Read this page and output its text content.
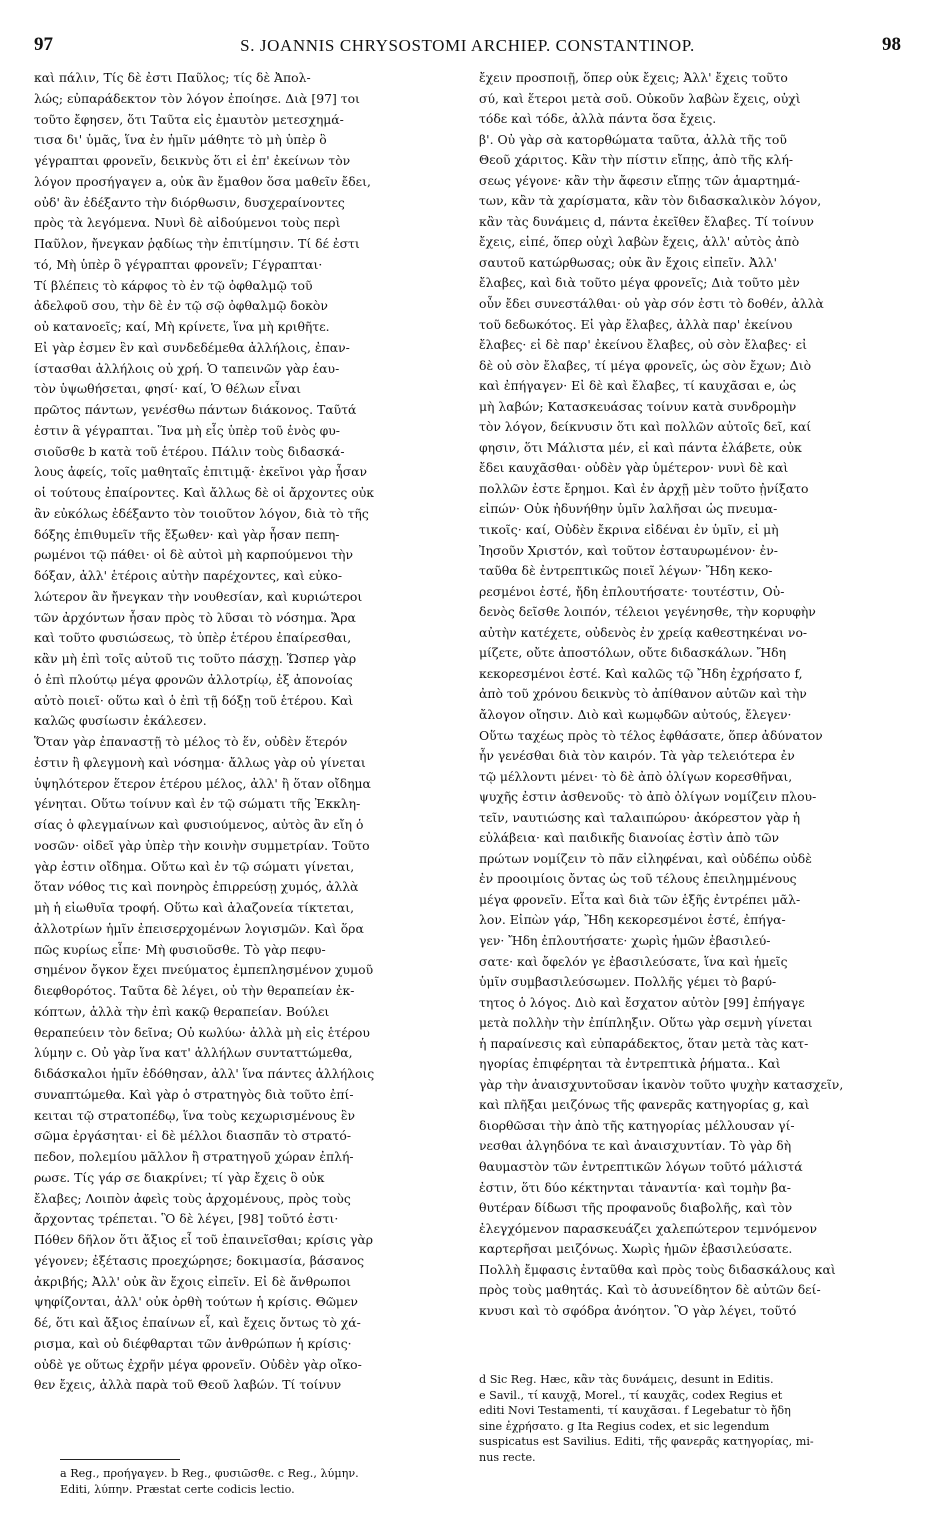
97	S. JOANNIS CHRYSOSTOMI ARCHIEP. CONSTANTINOP.	98
καὶ πάλιν, Τίς δὲ ἐστι Παῦλος; τίς δὲ Ἀπολ-
λώς; εὐπαράδεκτον τὸν λόγον ἐποίησε. Διὰ [97] τοι
τοῦτο ἔφησεν, ὅτι Ταῦτα εἰς ἐμαυτὸν μετεσχημά-
τισα δι' ὑμᾶς, ἵνα ἐν ἡμῖν μάθητε τὸ μὴ ὑπὲρ ὃ
γέγραπται φρονεῖν, δεικνὺς ὅτι εἰ ἐπ' ἐκείνων τὸν
λόγον προσήγαγεν a, οὐκ ἂν ἔμαθον ὅσα μαθεῖν ἔδει,
οὐδ' ἂν ἐδέξαντο τὴν διόρθωσιν, δυσχεραίνοντες
πρὸς τὰ λεγόμενα. Νυνὶ δὲ αἰδούμενοι τοὺς περὶ
Παῦλον, ἤνεγκαν ῥᾳδίως τὴν ἐπιτίμησιν. Τί δέ ἐστι
τό, Μὴ ὑπὲρ ὃ γέγραπται φρονεῖν; Γέγραπται·
Τί βλέπεις τὸ κάρφος τὸ ἐν τῷ ὀφθαλμῷ τοῦ
ἀδελφοῦ σου, τὴν δὲ ἐν τῷ σῷ ὀφθαλμῷ δοκὸν
οὐ κατανοεῖς; καί, Μὴ κρίνετε, ἵνα μὴ κριθῆτε.
Εἰ γὰρ ἐσμεν ἓν καὶ συνδεδέμεθα ἀλλήλοις, ἐπαν-
ίστασθαι ἀλλήλοις οὐ χρή. Ὁ ταπεινῶν γὰρ ἑαυ-
τὸν ὑψωθήσεται, φησί· καί, Ὁ θέλων εἶναι
πρῶτος πάντων, γενέσθω πάντων διάκονος. Ταῦτά
ἐστιν ἃ γέγραπται. Ἵνα μὴ εἷς ὑπὲρ τοῦ ἑνὸς φυ-
σιοῦσθε b κατὰ τοῦ ἑτέρου. Πάλιν τοὺς διδασκά-
λους ἀφείς, τοῖς μαθηταῖς ἐπιτιμᾷ· ἐκεῖνοι γὰρ ἦσαν
οἱ τούτους ἐπαίροντες. Καὶ ἄλλως δὲ οἱ ἄρχοντες οὐκ
ἂν εὐκόλως ἐδέξαντο τὸν τοιοῦτον λόγον, διὰ τὸ τῆς
δόξης ἐπιθυμεῖν τῆς ἔξωθεν· καὶ γὰρ ἦσαν πεπη-
ρωμένοι τῷ πάθει· οἱ δὲ αὐτοὶ μὴ καρπούμενοι τὴν
δόξαν, ἀλλ' ἑτέροις αὐτὴν παρέχοντες, καὶ εὐκο-
λώτερον ἂν ἤνεγκαν τὴν νουθεσίαν, καὶ κυριώτεροι
τῶν ἀρχόντων ἦσαν πρὸς τὸ λῦσαι τὸ νόσημα. Ἄρα
καὶ τοῦτο φυσιώσεως, τὸ ὑπὲρ ἑτέρου ἐπαίρεσθαι,
κἂν μὴ ἐπὶ τοῖς αὐτοῦ τις τοῦτο πάσχῃ. Ὥσπερ γὰρ
ὁ ἐπὶ πλούτῳ μέγα φρονῶν ἀλλοτρίῳ, ἐξ ἀπονοίας
αὐτὸ ποιεῖ· οὕτω καὶ ὁ ἐπὶ τῇ δόξῃ τοῦ ἑτέρου. Καὶ
καλῶς φυσίωσιν ἐκάλεσεν.
Ὅταν γὰρ ἐπαναστῇ τὸ μέλος τὸ ἕν, οὐδὲν ἕτερόν
ἐστιν ἢ φλεγμονὴ καὶ νόσημα· ἄλλως γὰρ οὐ γίνεται
ὑψηλότερον ἕτερον ἑτέρου μέλος, ἀλλ' ἢ ὅταν οἴδημα
γένηται. Οὕτω τοίνυν καὶ ἐν τῷ σώματι τῆς Ἐκκλη-
σίας ὁ φλεγμαίνων καὶ φυσιούμενος, αὐτὸς ἂν εἴη ὁ
νοσῶν· οἰδεῖ γὰρ ὑπὲρ τὴν κοινὴν συμμετρίαν. Τοῦτο
γὰρ ἐστιν οἴδημα. Οὕτω καὶ ἐν τῷ σώματι γίνεται,
ὅταν νόθος τις καὶ πονηρὸς ἐπιρρεύσῃ χυμός, ἀλλὰ
μὴ ἡ εἰωθυῖα τροφή. Οὕτω καὶ ἀλαζονεία τίκτεται,
ἀλλοτρίων ἡμῖν ἐπεισερχομένων λογισμῶν. Καὶ ὅρα
πῶς κυρίως εἶπε· Μὴ φυσιοῦσθε. Τὸ γὰρ πεφυ-
σημένον ὄγκον ἔχει πνεύματος ἐμπεπλησμένον χυμοῦ
διεφθορότος. Ταῦτα δὲ λέγει, οὐ τὴν θεραπείαν ἐκ-
κόπτων, ἀλλὰ τὴν ἐπὶ κακῷ θεραπείαν. Βούλει
θεραπεύειν τὸν δεῖνα; Οὐ κωλύω· ἀλλὰ μὴ εἰς ἑτέρου
λύμην c. Οὐ γὰρ ἵνα κατ' ἀλλήλων συνταττώμεθα,
διδάσκαλοι ἡμῖν ἐδόθησαν, ἀλλ' ἵνα πάντες ἀλλήλοις
συναπτώμεθα. Καὶ γὰρ ὁ στρατηγὸς διὰ τοῦτο ἐπί-
κειται τῷ στρατοπέδῳ, ἵνα τοὺς κεχωρισμένους ἓν
σῶμα ἐργάσηται· εἰ δὲ μέλλοι διασπᾶν τὸ στρατό-
πεδον, πολεμίου μᾶλλον ἢ στρατηγοῦ χώραν ἐπλή-
ρωσε. Τίς γάρ σε διακρίνει; τί γὰρ ἔχεις ὃ οὐκ
ἔλαβες; Λοιπὸν ἀφεὶς τοὺς ἀρχομένους, πρὸς τοὺς
ἄρχοντας τρέπεται. Ὃ δὲ λέγει, [98] τοῦτό ἐστι·
Πόθεν δῆλον ὅτι ἄξιος εἶ τοῦ ἐπαινεῖσθαι; κρίσις γὰρ
γέγονεν; ἐξέτασις προεχώρησε; δοκιμασία, βάσανος
ἀκριβής; Ἀλλ' οὐκ ἂν ἔχοις εἰπεῖν. Εἰ δὲ ἄνθρωποι
ψηφίζονται, ἀλλ' οὐκ ὀρθὴ τούτων ἡ κρίσις. Θῶμεν
δέ, ὅτι καὶ ἄξιος ἐπαίνων εἶ, καὶ ἔχεις ὄντως τὸ χά-
ρισμα, καὶ οὐ διέφθαρται τῶν ἀνθρώπων ἡ κρίσις·
οὐδὲ γε οὕτως ἐχρῆν μέγα φρονεῖν. Οὐδὲν γὰρ οἴκο-
θεν ἔχεις, ἀλλὰ παρὰ τοῦ Θεοῦ λαβών. Τί τοίνυν
ἔχειν προσποιῇ, ὅπερ οὐκ ἔχεις; Ἀλλ' ἔχεις τοῦτο
σύ, καὶ ἕτεροι μετὰ σοῦ. Οὐκοῦν λαβὼν ἔχεις, οὐχὶ
τόδε καὶ τόδε, ἀλλὰ πάντα ὅσα ἔχεις.
β'. Οὐ γὰρ σὰ κατορθώματα ταῦτα, ἀλλὰ τῆς τοῦ
Θεοῦ χάριτος. Κἂν τὴν πίστιν εἴπῃς, ἀπὸ τῆς κλή-
σεως γέγονε· κἂν τὴν ἄφεσιν εἴπῃς τῶν ἁμαρτημά-
των, κἂν τὰ χαρίσματα, κἂν τὸν διδασκαλικὸν λόγον,
κἂν τὰς δυνάμεις d, πάντα ἐκεῖθεν ἔλαβες. Τί τοίνυν
ἔχεις, εἰπέ, ὅπερ οὐχὶ λαβὼν ἔχεις, ἀλλ' αὐτὸς ἀπὸ
σαυτοῦ κατώρθωσας; οὐκ ἂν ἔχοις εἰπεῖν. Ἀλλ'
ἔλαβες, καὶ διὰ τοῦτο μέγα φρονεῖς; Διὰ τοῦτο μὲν
οὖν ἔδει συνεστάλθαι· οὐ γὰρ σόν ἐστι τὸ δοθέν, ἀλλὰ
τοῦ δεδωκότος. Εἰ γὰρ ἔλαβες, ἀλλὰ παρ' ἐκείνου
ἔλαβες· εἰ δὲ παρ' ἐκείνου ἔλαβες, οὐ σὸν ἔλαβες· εἰ
δὲ οὐ σὸν ἔλαβες, τί μέγα φρονεῖς, ὡς σὸν ἔχων; Διὸ
καὶ ἐπήγαγεν· Εἰ δὲ καὶ ἔλαβες, τί καυχᾶσαι e, ὡς
μὴ λαβών; Κατασκευάσας τοίνυν κατὰ συνδρομὴν
τὸν λόγον, δείκνυσιν ὅτι καὶ πολλῶν αὐτοῖς δεῖ, καί
φησιν, ὅτι Μάλιστα μέν, εἰ καὶ πάντα ἐλάβετε, οὐκ
ἔδει καυχᾶσθαι· οὐδὲν γὰρ ὑμέτερον· νυνὶ δὲ καὶ
πολλῶν ἐστε ἔρημοι. Καὶ ἐν ἀρχῇ μὲν τοῦτο ᾐνίξατο
εἰπών· Οὐκ ἠδυνήθην ὑμῖν λαλῆσαι ὡς πνευμα-
τικοῖς· καί, Οὐδὲν ἔκρινα εἰδέναι ἐν ὑμῖν, εἰ μὴ
Ἰησοῦν Χριστόν, καὶ τοῦτον ἐσταυρωμένον· ἐν-
ταῦθα δὲ ἐντρεπτικῶς ποιεῖ λέγων· Ἤδη κεκο-
ρεσμένοι ἐστέ, ἤδη ἐπλουτήσατε· τουτέστιν, Οὐ-
δενὸς δεῖσθε λοιπόν, τέλειοι γεγένησθε, τὴν κορυφὴν
αὐτὴν κατέχετε, οὐδενὸς ἐν χρείᾳ καθεστηκέναι νο-
μίζετε, οὔτε ἀποστόλων, οὔτε διδασκάλων. Ἤδη
κεκορεσμένοι ἐστέ. Καὶ καλῶς τῷ Ἤδη ἐχρήσατο f,
ἀπὸ τοῦ χρόνου δεικνὺς τὸ ἀπίθανον αὐτῶν καὶ τὴν
ἄλογον οἴησιν. Διὸ καὶ κωμῳδῶν αὐτούς, ἔλεγεν·
Οὕτω ταχέως πρὸς τὸ τέλος ἐφθάσατε, ὅπερ ἀδύνατον
ἦν γενέσθαι διὰ τὸν καιρόν. Τὰ γὰρ τελειότερα ἐν
τῷ μέλλοντι μένει· τὸ δὲ ἀπὸ ὀλίγων κορεσθῆναι,
ψυχῆς ἐστιν ἀσθενοῦς· τὸ ἀπὸ ὀλίγων νομίζειν πλου-
τεῖν, ναυτιώσης καὶ ταλαιπώρου· ἀκόρεστον γὰρ ἡ
εὐλάβεια· καὶ παιδικῆς διανοίας ἐστὶν ἀπὸ τῶν
πρώτων νομίζειν τὸ πᾶν εἰληφέναι, καὶ οὐδέπω οὐδὲ
ἐν προοιμίοις ὄντας ὡς τοῦ τέλους ἐπειλημμένους
μέγα φρονεῖν. Εἶτα καὶ διὰ τῶν ἑξῆς ἐντρέπει μᾶλ-
λον. Εἰπὼν γάρ, Ἤδη κεκορεσμένοι ἐστέ, ἐπήγα-
γεν· Ἤδη ἐπλουτήσατε· χωρὶς ἡμῶν ἐβασιλεύ-
σατε· καὶ ὄφελόν γε ἐβασιλεύσατε, ἵνα καὶ ἡμεῖς
ὑμῖν συμβασιλεύσωμεν. Πολλῆς γέμει τὸ βαρύ-
τητος ὁ λόγος. Διὸ καὶ ἔσχατον αὐτὸν [99] ἐπήγαγε
μετὰ πολλὴν τὴν ἐπίπληξιν. Οὕτω γὰρ σεμνὴ γίνεται
ἡ παραίνεσις καὶ εὐπαράδεκτος, ὅταν μετὰ τὰς κατ-
ηγορίας ἐπιφέρηται τὰ ἐντρεπτικὰ ῥήματα.. Καὶ
γὰρ τὴν ἀναισχυντοῦσαν ἱκανὸν τοῦτο ψυχὴν κατασχεῖν,
καὶ πλῆξαι μειζόνως τῆς φανερᾶς κατηγορίας g, καὶ
διορθῶσαι τὴν ἀπὸ τῆς κατηγορίας μέλλουσαν γί-
νεσθαι ἀλγηδόνα τε καὶ ἀναισχυντίαν. Τὸ γὰρ δὴ
θαυμαστὸν τῶν ἐντρεπτικῶν λόγων τοῦτό μάλιστά
ἐστιν, ὅτι δύο κέκτηνται τἀναντία· καὶ τομὴν βα-
θυτέραν δίδωσι τῆς προφανοῦς διαβολῆς, καὶ τὸν
ἐλεγχόμενον παρασκευάζει χαλεπώτερον τεμνόμενον
καρτερῆσαι μειζόνως. Χωρὶς ἡμῶν ἐβασιλεύσατε.
Πολλὴ ἔμφασις ἐνταῦθα καὶ πρὸς τοὺς διδασκάλους καὶ
πρὸς τοὺς μαθητάς. Καὶ τὸ ἀσυνείδητον δὲ αὐτῶν δεί-
κνυσι καὶ τὸ σφόδρα ἀνόητον. Ὃ γὰρ λέγει, τοῦτό
a Reg., προήγαγεν. b Reg., φυσιῶσθε. c Reg., λύμην.
Editi, λύπην. Præstat certe codicis lectio.
d Sic Reg. Hæc, κἂν τὰς δυνάμεις, desunt in Editis.
e Savil., τί καυχᾷ, Morel., τί καυχᾶς, codex Regius et
editi Novi Testamenti, τί καυχᾶσαι. f Legebatur τὸ ἤδη
sine ἐχρήσατο. g Ita Regius codex, et sic legendum
suspicatus est Savilius. Editi, τῆς φανερᾶς κατηγορίας, mi-
nus recte.
